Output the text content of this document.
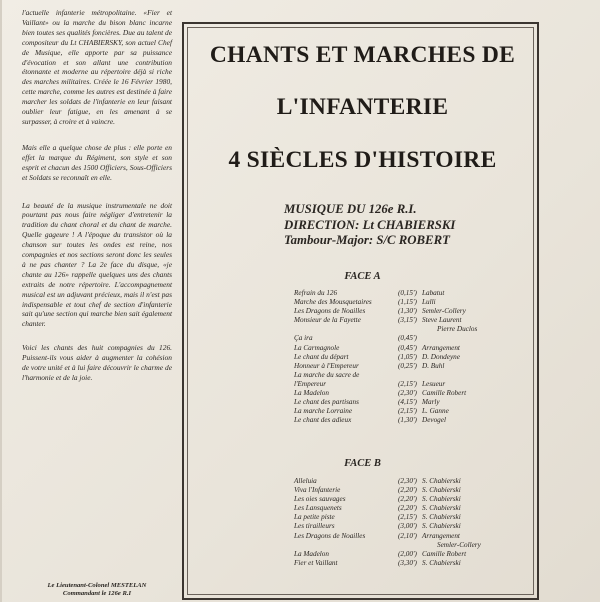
l'actuelle infanterie métropolitaine. «Fier et Vaillant» ou la marche du bison blanc incarne bien toutes ses qualités foncières. Due au talent de compositeur du Lt CHABIERSKY, son actuel Chef de Musique, elle apporte par sa puissance d'évocation et son allant une contribution étonnante et moderne au répertoire déjà si riche des marches militaires. Créée le 16 Février 1980, cette marche, comme les autres est destinée à faire marcher les soldats de l'infanterie en leur faisant oublier leur fatigue, en les amenant à se surpasser, à croire et à vaincre.

Mais elle a quelque chose de plus : elle porte en effet la marque du Régiment, son style et son esprit et chacun des 1500 Officiers, Sous-Officiers et Soldats se reconnaît en elle.

La beauté de la musique instrumentale ne doit pourtant pas nous faire négliger d'entretenir la tradition du chant choral et du chant de marche. Quelle gageure ! A l'époque du transistor où la chanson sur toutes les ondes est reine, nos compagnies et nos sections seront donc les seules à ne pas chanter ? La 2e face du disque, «je chante au 126» rappelle quelques uns des chants extraits de notre répertoire. L'accompagnement musical est un adjuvant précieux, mais il n'est pas indispensable et tout chef de section d'infanterie sait qu'une section qui marche bien sait également chanter.

Voici les chants des huit compagnies du 126. Puissent-ils vous aider à augmenter la cohésion de votre unité et à lui faire découvrir le charme de l'harmonie et de la joie.

Le Lieutenant-Colonel MESTELAN
Commandant le 126e R.I
CHANTS ET MARCHES DE
L'INFANTERIE
4 SIÈCLES D'HISTOIRE
MUSIQUE DU 126e R.I.
DIRECTION: Lt CHABIERSKI
Tambour-Major: S/C ROBERT
FACE A
Refrain du 126	(0,15') Labatut
Marche des Mousquetaires	(1,15') Lulli
Les Dragons de Noailles	(1,30') Semler-Collery
Monsieur de la Fayette	(3,15') Steve Laurent
Pierre Duclos
Ça ira	(0,45')
La Carmagnole	(0,45') Arrangement
Le chant du départ	(1,05') D. Dondeyne
Honneur à l'Empereur	(0,25') D. Buhl
La marche du sacre de
l'Empereur	(2,15') Lesueur
La Madelon	(2,30') Camille Robert
Le chant des partisans	(4,15') Marly
La marche Lorraine	(2,15') L. Ganne
Le chant des adieux	(1,30') Devogel
FACE B
Alleluia	(2,30') S. Chabierski
Viva l'Infanterie	(2,20') S. Chabierski
Les oies sauvages	(2,20') S. Chabierski
Les Lansquenets	(2,20') S. Chabierski
La petite piste	(2,15') S. Chabierski
Les tirailleurs	(3,00') S. Chabierski
Les Dragons de Noailles	(2,10') Arrangement
Semler-Collery
La Madelon	(2,00') Camille Robert
Fier et Vaillant	(3,30') S. Chabierski
